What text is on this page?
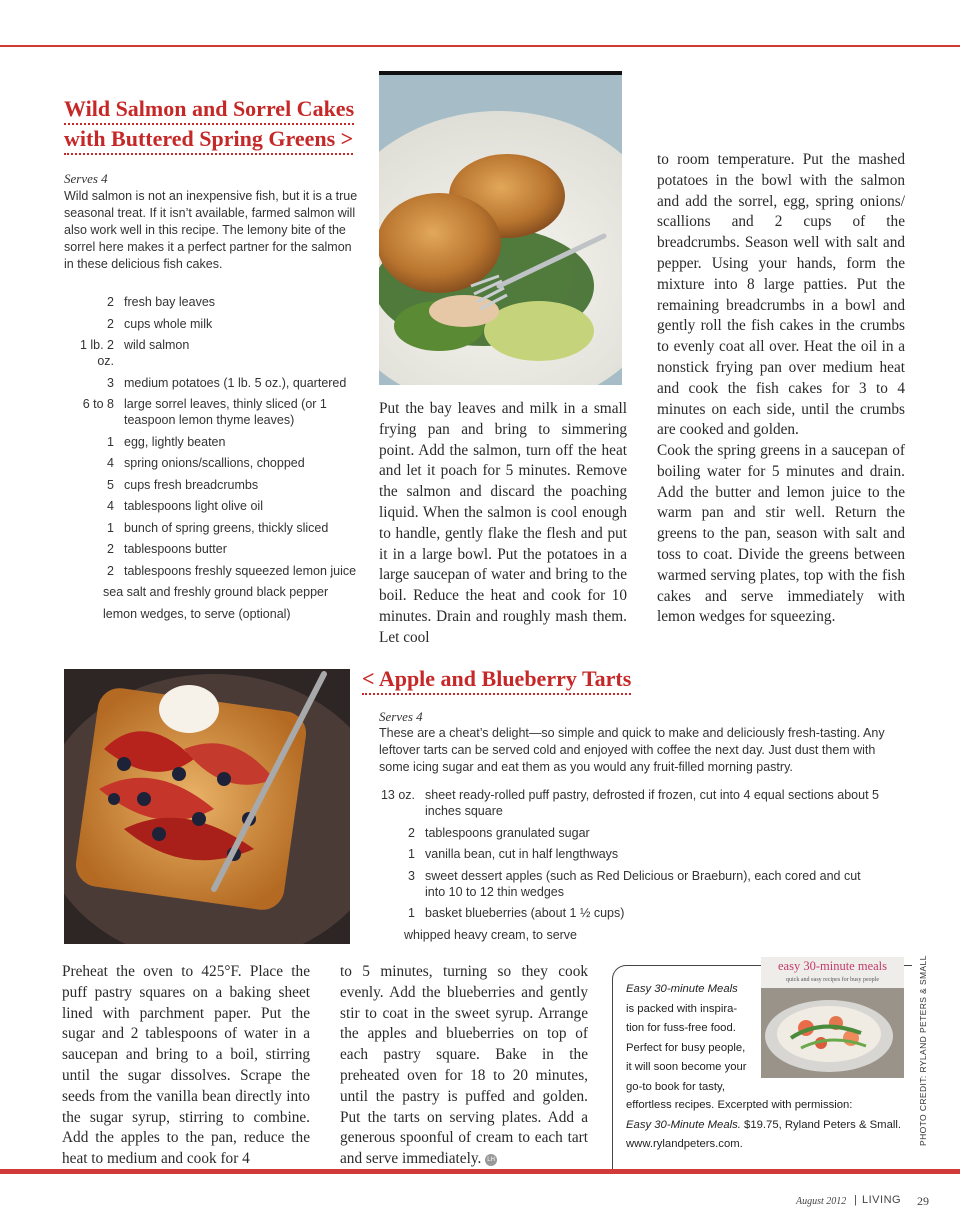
Wild Salmon and Sorrel Cakes
with Buttered Spring Greens >
Serves 4

Wild salmon is not an inexpensive fish, but it is a true seasonal treat. If it isn’t available, farmed salmon will also work well in this recipe. The lemony bite of the sorrel here makes it a perfect partner for the salmon in these delicious fish cakes.

2 fresh bay leaves
2 cups whole milk
1 lb. 2 oz.
wild salmon
3 medium potatoes (1 lb. 5 oz.), quartered
6 to 8 large sorrel leaves, thinly sliced (or 1 teaspoon lemon thyme leaves)
1 egg, lightly beaten
4 spring onions/scallions, chopped
5 cups fresh breadcrumbs
4 tablespoons light olive oil
1 bunch of spring greens, thickly sliced
2 tablespoons butter
2 tablespoons freshly squeezed lemon juice
sea salt and freshly ground black pepper
lemon wedges, to serve (optional)

Put the bay leaves and milk in a small frying pan and bring to simmering point. Add the salmon, turn off the heat and let it poach for 5 minutes. Remove the salmon and discard the poaching liquid. When the salmon is cool enough to handle, gently flake the flesh and put it in a large bowl. Put the potatoes in a large saucepan of water and bring to the boil. Reduce the heat and cook for 10 minutes. Drain and roughly mash them. Let cool

to room temperature. Put the mashed potatoes in the bowl with the salmon and add the sorrel, egg, spring onions/ scallions and 2 cups of the breadcrumbs. Season well with salt and pepper. Using your hands, form the mixture into 8 large patties. Put the remaining breadcrumbs in a bowl and gently roll the fish cakes in the crumbs to evenly coat all over. Heat the oil in a nonstick frying pan over medium heat and cook the fish cakes for 3 to 4 minutes on each side, until the crumbs are cooked and golden.

Cook the spring greens in a saucepan of boiling water for 5 minutes and drain. Add the butter and lemon juice to the warm pan and stir well. Return the greens to the pan, season with salt and toss to coat. Divide the greens between warmed serving plates, top with the fish cakes and serve immediately with lemon wedges for squeezing.

< Apple and Blueberry Tarts
Serves 4

These are a cheat’s delight—so simple and quick to make and deliciously fresh-tasting. Any leftover tarts can be served cold and enjoyed with coffee the next day. Just dust them with some icing sugar and eat them as you would any fruit-filled morning pastry.

13 oz. sheet ready-rolled puff pastry, defrosted if frozen, cut into 4 equal sections about 5 inches square
2 tablespoons granulated sugar
1 vanilla bean, cut in half lengthways
3 sweet dessert apples (such as Red Delicious or Braeburn), each cored and cut into 10 to 12 thin wedges
1 basket blueberries (about 1 ½ cups)
whipped heavy cream, to serve

Preheat the oven to 425°F. Place the puff pastry squares on a baking sheet lined with parchment paper. Put the sugar and 2 tablespoons of water in a saucepan and bring to a boil, stirring until the sugar dissolves. Scrape the seeds from the vanilla bean directly into the sugar syrup, stirring to combine. Add the apples to the pan, reduce the heat to medium and cook for 4

to 5 minutes, turning so they cook evenly. Add the blueberries and gently stir to coat in the sweet syrup. Arrange the apples and blueberries on top of each pastry square. Bake in the preheated oven for 18 to 20 minutes, until the pastry is puffed and golden. Put the tarts on serving plates. Add a generous spoonful of cream to each tart and serve immediately. LH

easy 30-minute meals
quick and easy recipes for busy people
Easy 30-minute Meals
is packed with inspira-
tion for fuss-free food.
Perfect for busy people,
it will soon become your
go-to book for tasty,
effortless recipes. Excerpted with permission:
Easy 30-Minute Meals. $19.75, Ryland Peters & Small.
www.rylandpeters.com.	PHOTO CREDIT: RYLAND PETERS & SMALL
August 2012 | LIVING 29
